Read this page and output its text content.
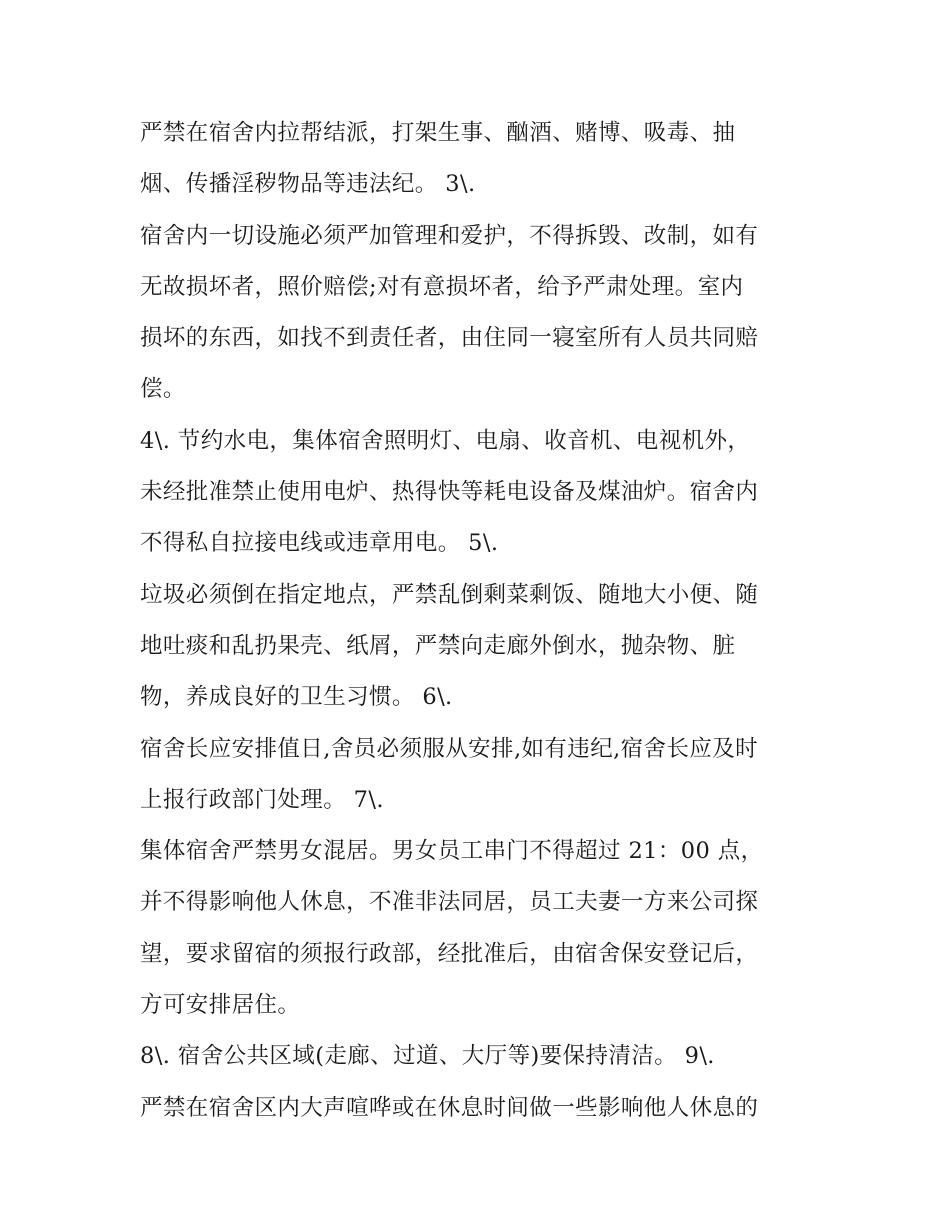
严禁在宿舍内拉帮结派，打架生事、酗酒、赌博、吸毒、抽
烟、传播淫秽物品等违法纪。 3\.
宿舍内一切设施必须严加管理和爱护，不得拆毁、改制，如有
无故损坏者，照价赔偿;对有意损坏者，给予严肃处理。室内
损坏的东西，如找不到责任者，由住同一寝室所有人员共同赔
偿。
4\. 节约水电，集体宿舍照明灯、电扇、收音机、电视机外，
未经批准禁止使用电炉、热得快等耗电设备及煤油炉。宿舍内
不得私自拉接电线或违章用电。 5\.
垃圾必须倒在指定地点，严禁乱倒剩菜剩饭、随地大小便、随
地吐痰和乱扔果壳、纸屑，严禁向走廊外倒水，抛杂物、脏
物，养成良好的卫生习惯。 6\.
宿舍长应安排值日,舍员必须服从安排,如有违纪,宿舍长应及时
上报行政部门处理。 7\.
集体宿舍严禁男女混居。男女员工串门不得超过 21：00 点，
并不得影响他人休息，不准非法同居，员工夫妻一方来公司探
望，要求留宿的须报行政部，经批准后，由宿舍保安登记后，
方可安排居住。
8\. 宿舍公共区域(走廊、过道、大厅等)要保持清洁。 9\.
严禁在宿舍区内大声喧哗或在休息时间做一些影响他人休息的
